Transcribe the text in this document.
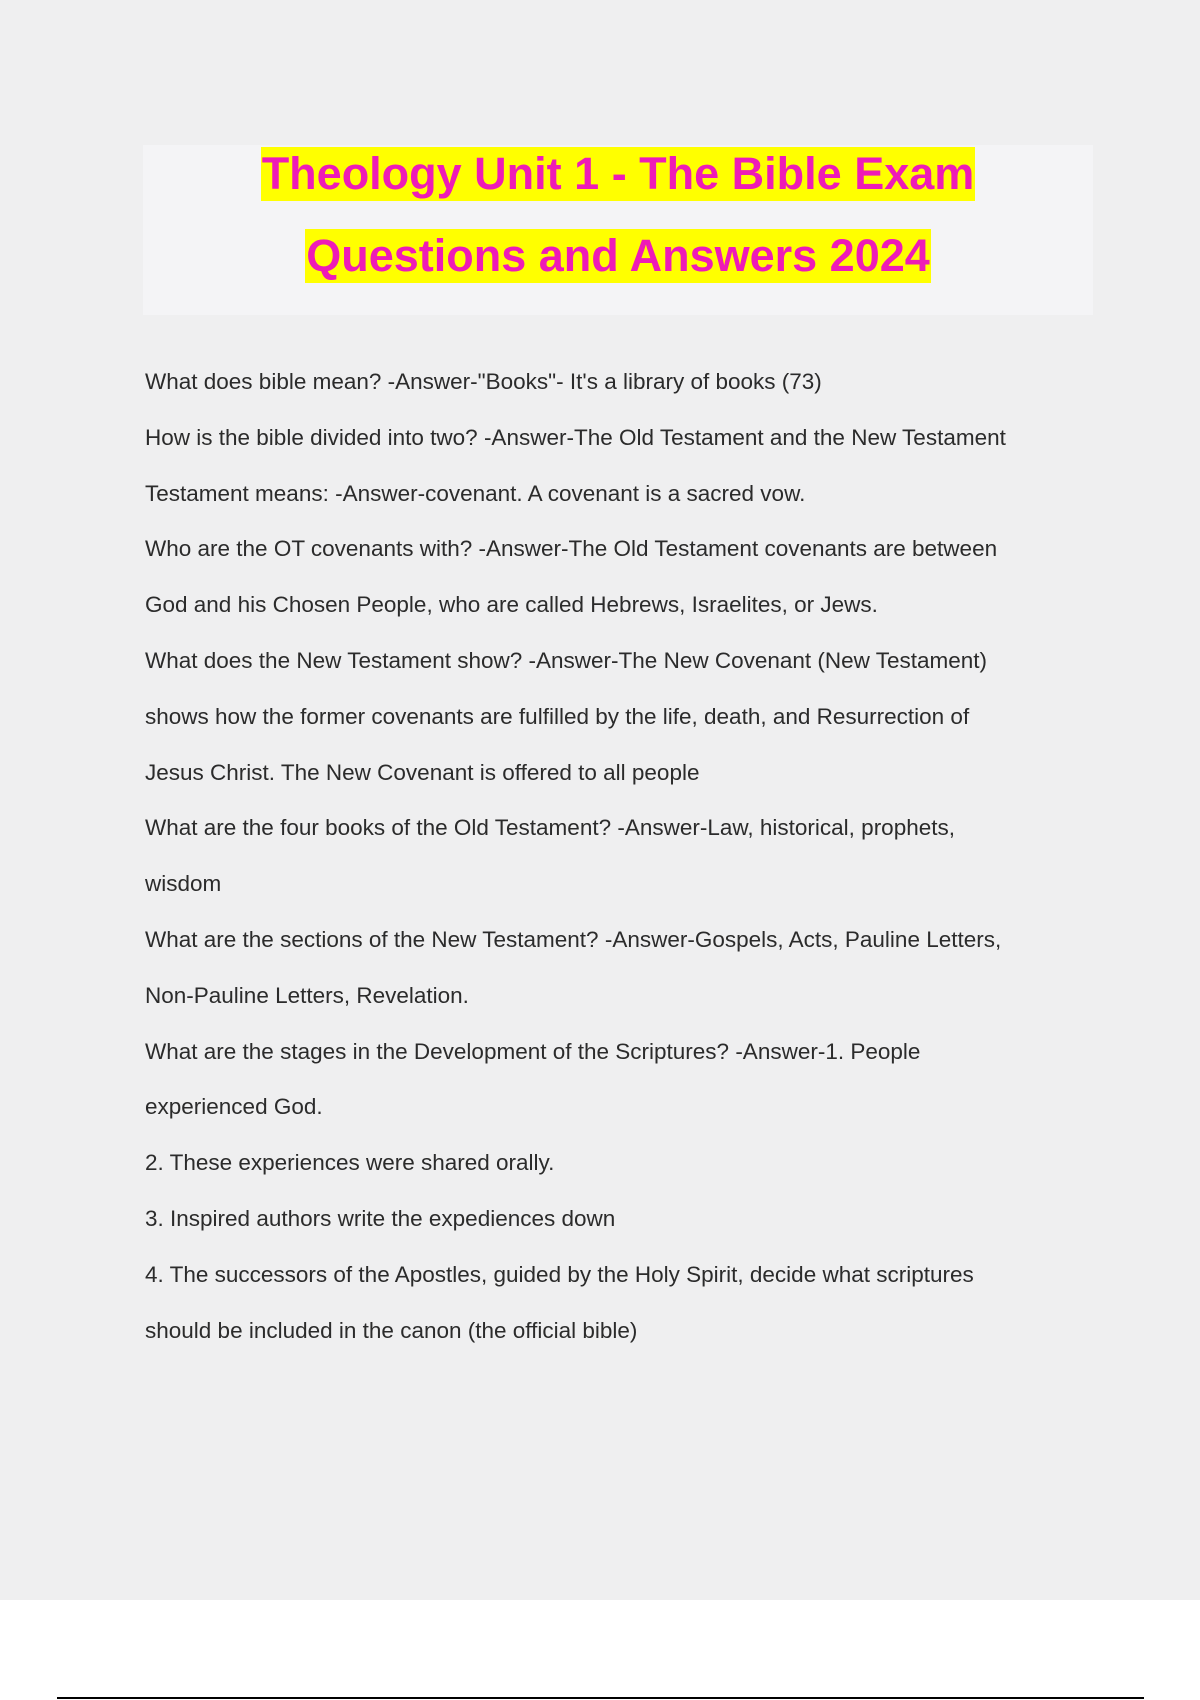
Theology Unit 1 - The Bible Exam
Questions and Answers 2024
What does bible mean? -Answer-"Books"- It's a library of books (73)
How is the bible divided into two? -Answer-The Old Testament and the New Testament
Testament means: -Answer-covenant. A covenant is a sacred vow.
Who are the OT covenants with? -Answer-The Old Testament covenants are between
God and his Chosen People, who are called Hebrews, Israelites, or Jews.
What does the New Testament show? -Answer-The New Covenant (New Testament)
shows how the former covenants are fulfilled by the life, death, and Resurrection of
Jesus Christ. The New Covenant is offered to all people
What are the four books of the Old Testament? -Answer-Law, historical, prophets,
wisdom
What are the sections of the New Testament? -Answer-Gospels, Acts, Pauline Letters,
Non-Pauline Letters, Revelation.
What are the stages in the Development of the Scriptures? -Answer-1. People
experienced God.
2. These experiences were shared orally.
3. Inspired authors write the expediences down
4. The successors of the Apostles, guided by the Holy Spirit, decide what scriptures
should be included in the canon (the official bible)
